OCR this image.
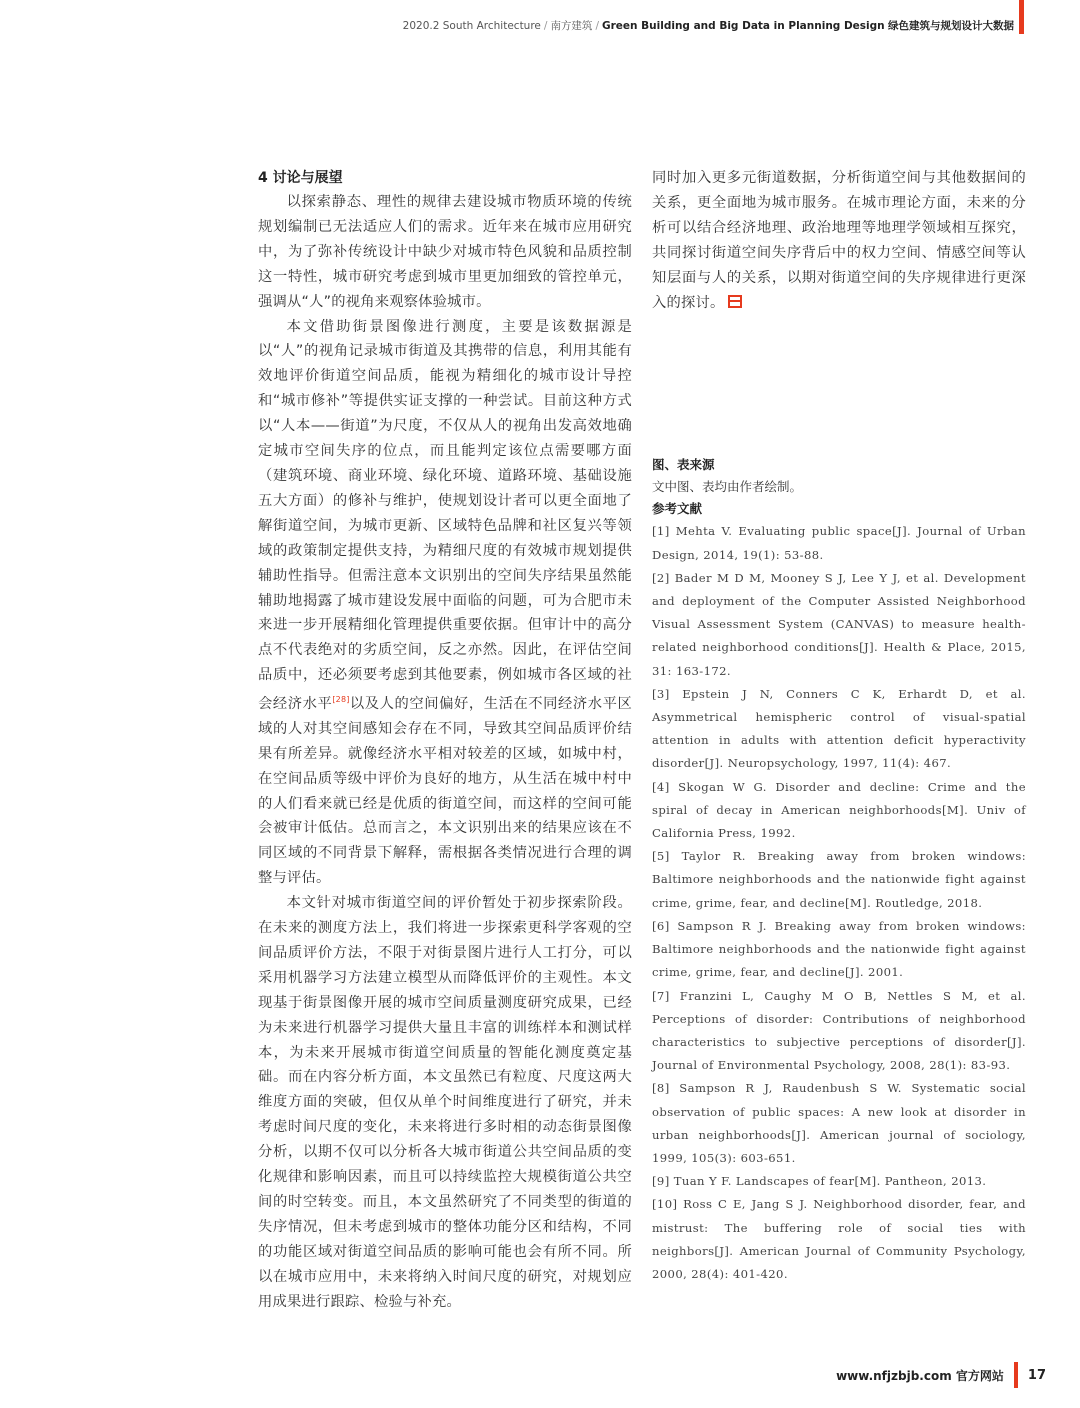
2020.2 South Architecture / 南方建筑 / Green Building and Big Data in Planning Design 绿色建筑与规划设计大数据
4 讨论与展望

以探索静态、理性的规律去建设城市物质环境的传统规划编制已无法适应人们的需求。近年来在城市应用研究中，为了弥补传统设计中缺少对城市特色风貌和品质控制这一特性，城市研究考虑到城市里更加细致的管控单元，强调从“人”的视角来观察体验城市。

本文借助街景图像进行测度，主要是该数据源是以“人”的视角记录城市街道及其携带的信息，利用其能有效地评价街道空间品质，能视为精细化的城市设计导控和“城市修补”等提供实证支撑的一种尝试。目前这种方式以“人本——街道”为尺度，不仅从人的视角出发高效地确定城市空间失序的位点，而且能判定该位点需要哪方面（建筑环境、商业环境、绿化环境、道路环境、基础设施五大方面）的修补与维护，使规划设计者可以更全面地了解街道空间，为城市更新、区域特色品牌和社区复兴等领域的政策制定提供支持，为精细尺度的有效城市规划提供辅助性指导。但需注意本文识别出的空间失序结果虽然能辅助地揭露了城市建设发展中面临的问题，可为合肥市未来进一步开展精细化管理提供重要依据。但审计中的高分点不代表绝对的劣质空间，反之亦然。因此，在评估空间品质中，还必须要考虑到其他要素，例如城市各区域的社会经济水平[28]以及人的空间偏好，生活在不同经济水平区域的人对其空间感知会存在不同，导致其空间品质评价结果有所差异。就像经济水平相对较差的区域，如城中村，在空间品质等级中评价为良好的地方，从生活在城中村中的人们看来就已经是优质的街道空间，而这样的空间可能会被审计低估。总而言之，本文识别出来的结果应该在不同区域的不同背景下解释，需根据各类情况进行合理的调整与评估。

本文针对城市街道空间的评价暂处于初步探索阶段。在未来的测度方法上，我们将进一步探索更科学客观的空间品质评价方法，不限于对街景图片进行人工打分，可以采用机器学习方法建立模型从而降低评价的主观性。本文现基于街景图像开展的城市空间质量测度研究成果，已经为未来进行机器学习提供大量且丰富的训练样本和测试样本，为未来开展城市街道空间质量的智能化测度奠定基础。而在内容分析方面，本文虽然已有粒度、尺度这两大维度方面的突破，但仅从单个时间维度进行了研究，并未考虑时间尺度的变化，未来将进行多时相的动态街景图像分析，以期不仅可以分析各大城市街道公共空间品质的变化规律和影响因素，而且可以持续监控大规模街道公共空间的时空转变。而且，本文虽然研究了不同类型的街道的失序情况，但未考虑到城市的整体功能分区和结构，不同的功能区域对街道空间品质的影响可能也会有所不同。所以在城市应用中，未来将纳入时间尺度的研究，对规划应用成果进行跟踪、检验与补充。

同时加入更多元街道数据，分析街道空间与其他数据间的关系，更全面地为城市服务。在城市理论方面，未来的分析可以结合经济地理、政治地理等地理学领域相互探究，共同探讨街道空间失序背后中的权力空间、情感空间等认知层面与人的关系，以期对街道空间的失序规律进行更深入的探讨。

图、表来源

文中图、表均由作者绘制。

参考文献

[1] Mehta V. Evaluating public space[J]. Journal of Urban Design, 2014, 19(1): 53-88.

[2] Bader M D M, Mooney S J, Lee Y J, et al. Development and deployment of the Computer Assisted Neighborhood Visual Assessment System (CANVAS) to measure health-related neighborhood conditions[J]. Health & Place, 2015, 31: 163-172.

[3] Epstein J N, Conners C K, Erhardt D, et al. Asymmetrical hemispheric control of visual-spatial attention in adults with attention deficit hyperactivity disorder[J]. Neuropsychology, 1997, 11(4): 467.

[4] Skogan W G. Disorder and decline: Crime and the spiral of decay in American neighborhoods[M]. Univ of California Press, 1992.

[5] Taylor R. Breaking away from broken windows: Baltimore neighborhoods and the nationwide fight against crime, grime, fear, and decline[M]. Routledge, 2018.

[6] Sampson R J. Breaking away from broken windows: Baltimore neighborhoods and the nationwide fight against crime, grime, fear, and decline[J]. 2001.

[7] Franzini L, Caughy M O B, Nettles S M, et al. Perceptions of disorder: Contributions of neighborhood characteristics to subjective perceptions of disorder[J]. Journal of Environmental Psychology, 2008, 28(1): 83-93.

[8] Sampson R J, Raudenbush S W. Systematic social observation of public spaces: A new look at disorder in urban neighborhoods[J]. American journal of sociology, 1999, 105(3): 603-651.

[9] Tuan Y F. Landscapes of fear[M]. Pantheon, 2013.

[10] Ross C E, Jang S J. Neighborhood disorder, fear, and mistrust: The buffering role of social ties with neighbors[J]. American Journal of Community Psychology, 2000, 28(4): 401-420.

www.nfjzbjb.com 官方网站 17
